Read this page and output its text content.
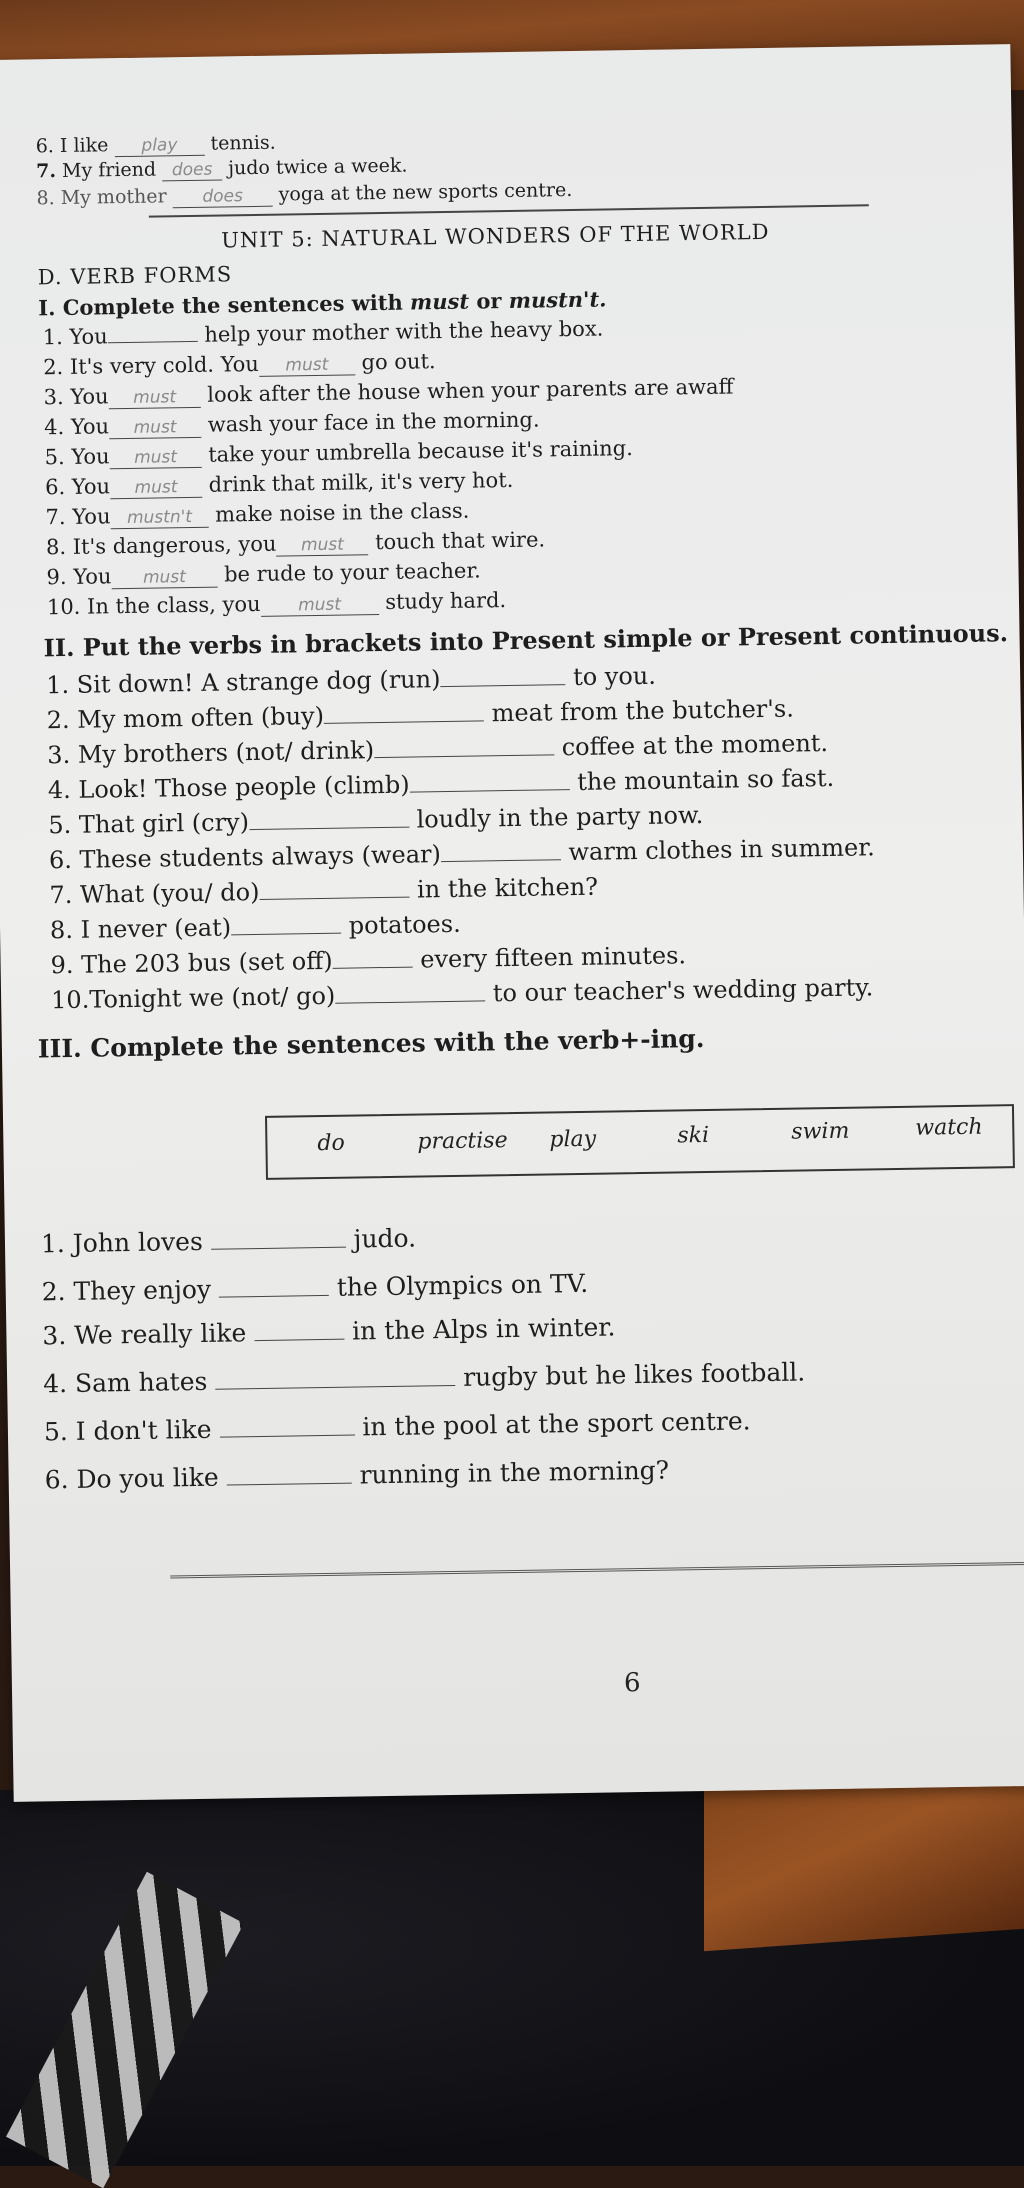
6. I like play tennis.
7. My friend does judo twice a week.
8. My mother does yoga at the new sports centre.
UNIT 5: NATURAL WONDERS OF THE WORLD
D. VERB FORMS
I. Complete the sentences with must or mustn't.
1. You	help your mother with the heavy box.
2. It's very cold. You must go out.
3. You must look after the house when your parents are awaff
4. You must wash your face in the morning.
5. You must take your umbrella because it's raining.
6. You must drink that milk, it's very hot.
7. You mustn't make noise in the class.
8. It's dangerous, you must touch that wire.
9. You must be rude to your teacher.
10. In the class, you must study hard.
II. Put the verbs in brackets into Present simple or Present continuous.
1. Sit down! A strange dog (run)	to you.
2. My mom often (buy)	meat from the butcher's.
3. My brothers (not/ drink)	coffee at the moment.
4. Look! Those people (climb)	the mountain so fast.
5. That girl (cry)	loudly in the party now.
6. These students always (wear)	warm clothes in summer.
7. What (you/ do)	in the kitchen?
8. I never (eat)	potatoes.
9. The 203 bus (set off)	every fifteen minutes.
10.Tonight we (not/ go)	to our teacher's wedding party.
III. Complete the sentences with the verb+-ing.
do	practise play	ski	swim	watch
1. John loves	judo.
2. They enjoy	the Olympics on TV.
3. We really like	in the Alps in winter.
4. Sam hates	rugby but he likes football.
5. I don't like	in the pool at the sport centre.
6. Do you like	running in the morning?
6
